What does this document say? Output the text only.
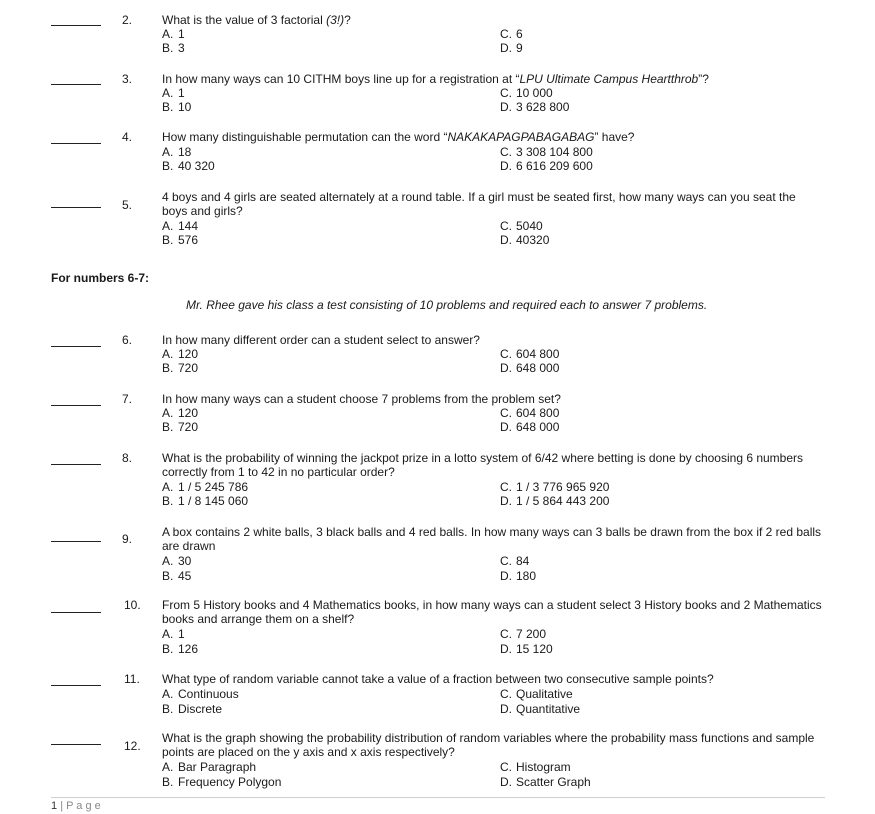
2. What is the value of 3 factorial (3!)?
A. 1
B. 3
C. 6
D. 9
3. In how many ways can 10 CITHM boys line up for a registration at “LPU Ultimate Campus Heartthrob”?
A. 1
B. 10
C. 10 000
D. 3 628 800
4. How many distinguishable permutation can the word “NAKAKAPAGPABAGABAG” have?
A. 18
B. 40 320
C. 3 308 104 800
D. 6 616 209 600
5.
4 boys and 4 girls are seated alternately at a round table. If a girl must be seated first, how many ways can you seat the boys and girls?
A. 144
B. 576
C. 5040
D. 40320
For numbers 6-7:
Mr. Rhee gave his class a test consisting of 10 problems and required each to answer 7 problems.
6. In how many different order can a student select to answer?
A. 120
B. 720
C. 604 800
D. 648 000
7. In how many ways can a student choose 7 problems from the problem set?
A. 120
B. 720
C. 604 800
D. 648 000
8. What is the probability of winning the jackpot prize in a lotto system of 6/42 where betting is done by choosing 6 numbers correctly from 1 to 42 in no particular order?
A. 1 / 5 245 786
B. 1 / 8 145 060
C. 1 / 3 776 965 920
D. 1 / 5 864 443 200
9. A box contains 2 white balls, 3 black balls and 4 red balls. In how many ways can 3 balls be drawn from the box if 2 red balls are drawn
A. 30
B. 45
C. 84
D. 180
10. From 5 History books and 4 Mathematics books, in how many ways can a student select 3 History books and 2 Mathematics books and arrange them on a shelf?
A. 1
B. 126
C. 7 200
D. 15 120
11. What type of random variable cannot take a value of a fraction between two consecutive sample points?
A. Continuous
B. Discrete
C. Qualitative
D. Quantitative
12.
What is the graph showing the probability distribution of random variables where the probability mass functions and sample points are placed on the y axis and x axis respectively?
A. Bar Paragraph
B. Frequency Polygon
C. Histogram
D. Scatter Graph
1 | P a g e
